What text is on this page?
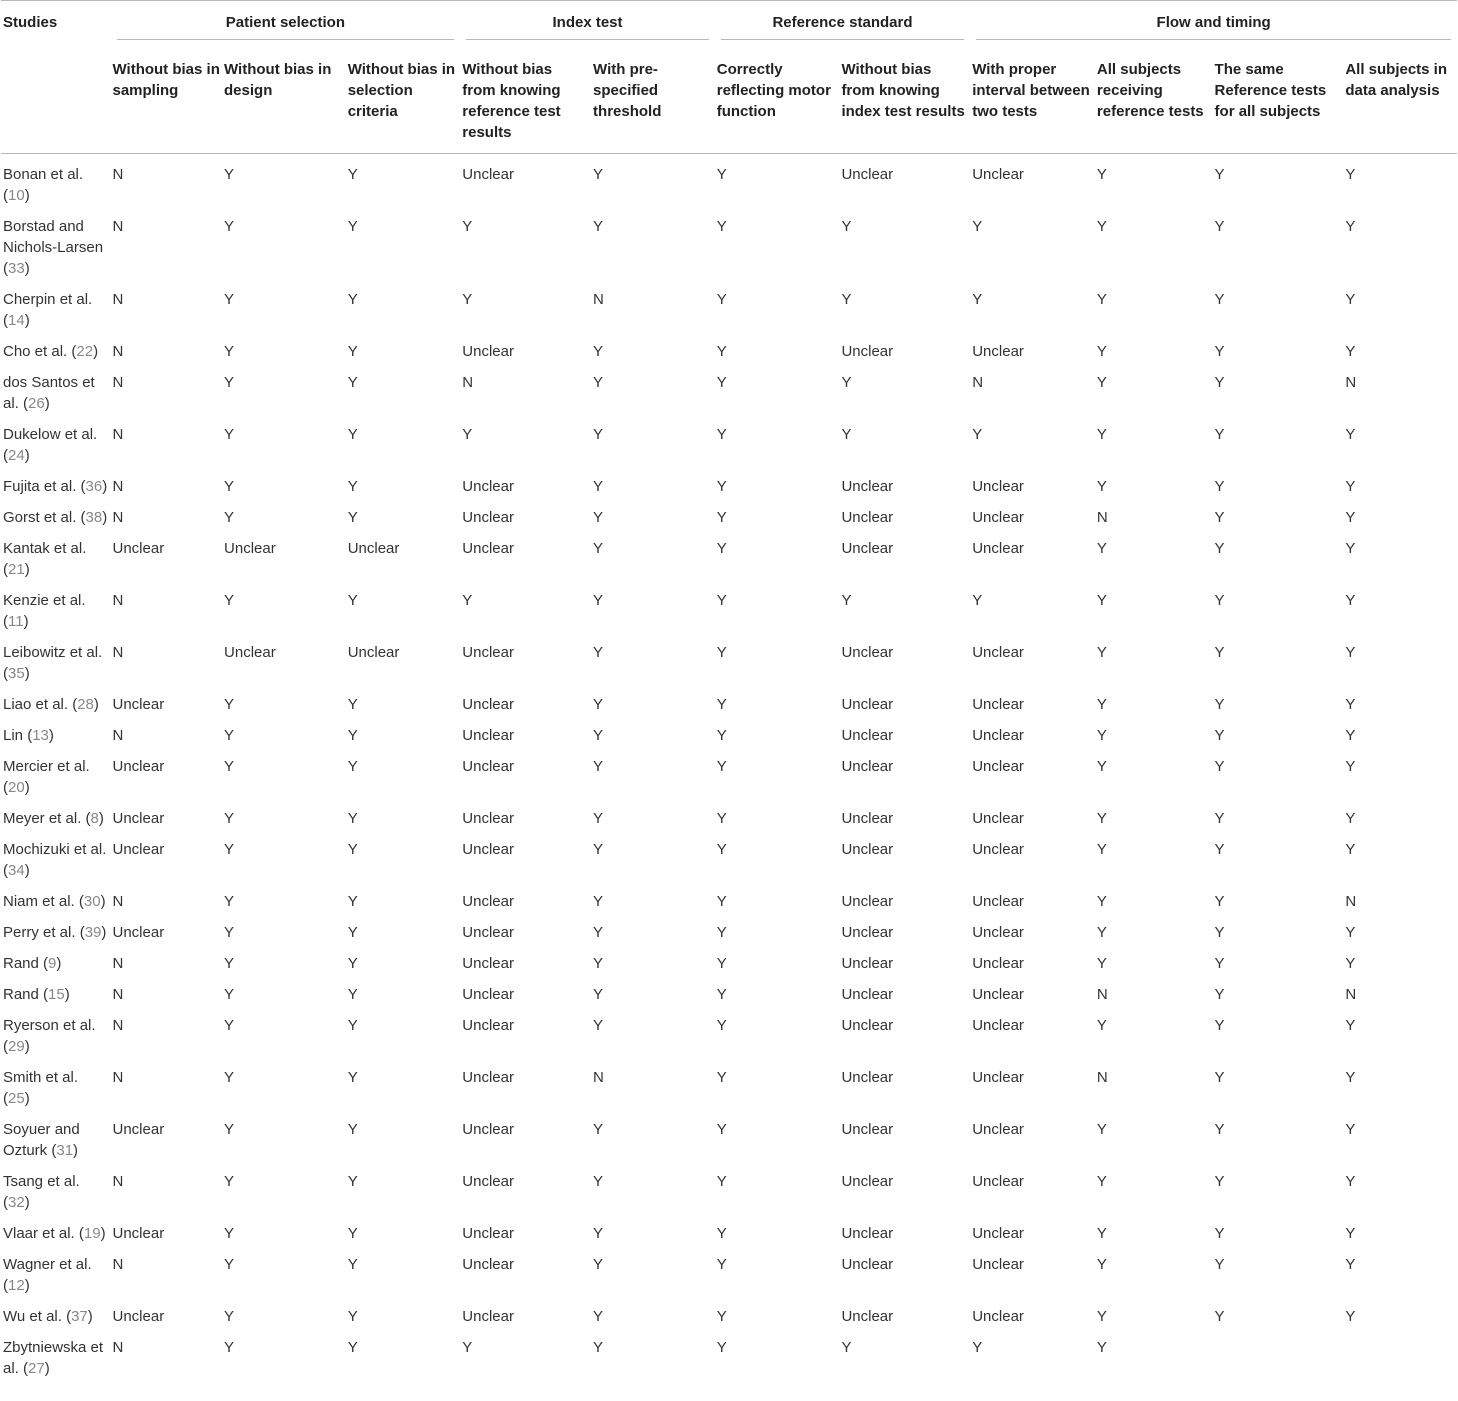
Studies	Patient selection			Index test		Reference standard		Flow and timing			

	Without bias in sampling	Without bias in design	Without bias in selection criteria	Without bias from knowing reference test results	With pre-specified threshold	Correctly reflecting motor function	Without bias from knowing index test results	With proper interval between two tests	All subjects receiving reference tests	The same Reference tests for all subjects	All subjects in data analysis
Bonan et al. (10)	N	Y	Y	Unclear	Y	Y	Unclear	Unclear	Y	Y	Y
Borstad and Nichols-Larsen (33)	N	Y	Y	Y	Y	Y	Y	Y	Y	Y	Y
Cherpin et al. (14)	N	Y	Y	Y	N	Y	Y	Y	Y	Y	Y
Cho et al. (22)	N	Y	Y	Unclear	Y	Y	Unclear	Unclear	Y	Y	Y
dos Santos et al. (26)	N	Y	Y	N	Y	Y	Y	N	Y	Y	N
Dukelow et al. (24)	N	Y	Y	Y	Y	Y	Y	Y	Y	Y	Y
Fujita et al. (36)	N	Y	Y	Unclear	Y	Y	Unclear	Unclear	Y	Y	Y
Gorst et al. (38)	N	Y	Y	Unclear	Y	Y	Unclear	Unclear	N	Y	Y
Kantak et al. (21)	Unclear	Unclear	Unclear	Unclear	Y	Y	Unclear	Unclear	Y	Y	Y
Kenzie et al. (11)	N	Y	Y	Y	Y	Y	Y	Y	Y	Y	Y
Leibowitz et al. (35)	N	Unclear	Unclear	Unclear	Y	Y	Unclear	Unclear	Y	Y	Y
Liao et al. (28)	Unclear	Y	Y	Unclear	Y	Y	Unclear	Unclear	Y	Y	Y
Lin (13)	N	Y	Y	Unclear	Y	Y	Unclear	Unclear	Y	Y	Y
Mercier et al. (20)	Unclear	Y	Y	Unclear	Y	Y	Unclear	Unclear	Y	Y	Y
Meyer et al. (8)	Unclear	Y	Y	Unclear	Y	Y	Unclear	Unclear	Y	Y	Y
Mochizuki et al. (34)	Unclear	Y	Y	Unclear	Y	Y	Unclear	Unclear	Y	Y	Y
Niam et al. (30)	N	Y	Y	Unclear	Y	Y	Unclear	Unclear	Y	Y	N
Perry et al. (39)	Unclear	Y	Y	Unclear	Y	Y	Unclear	Unclear	Y	Y	Y
Rand (9)	N	Y	Y	Unclear	Y	Y	Unclear	Unclear	Y	Y	Y
Rand (15)	N	Y	Y	Unclear	Y	Y	Unclear	Unclear	N	Y	N
Ryerson et al. (29)	N	Y	Y	Unclear	Y	Y	Unclear	Unclear	Y	Y	Y
Smith et al. (25)	N	Y	Y	Unclear	N	Y	Unclear	Unclear	N	Y	Y
Soyuer and Ozturk (31)	Unclear	Y	Y	Unclear	Y	Y	Unclear	Unclear	Y	Y	Y
Tsang et al. (32)	N	Y	Y	Unclear	Y	Y	Unclear	Unclear	Y	Y	Y
Vlaar et al. (19)	Unclear	Y	Y	Unclear	Y	Y	Unclear	Unclear	Y	Y	Y
Wagner et al. (12)	N	Y	Y	Unclear	Y	Y	Unclear	Unclear	Y	Y	Y
Wu et al. (37)	Unclear	Y	Y	Unclear	Y	Y	Unclear	Unclear	Y	Y	Y
Zbytniewska et al. (27)	N	Y	Y	Y	Y	Y	Y	Y	Y		
